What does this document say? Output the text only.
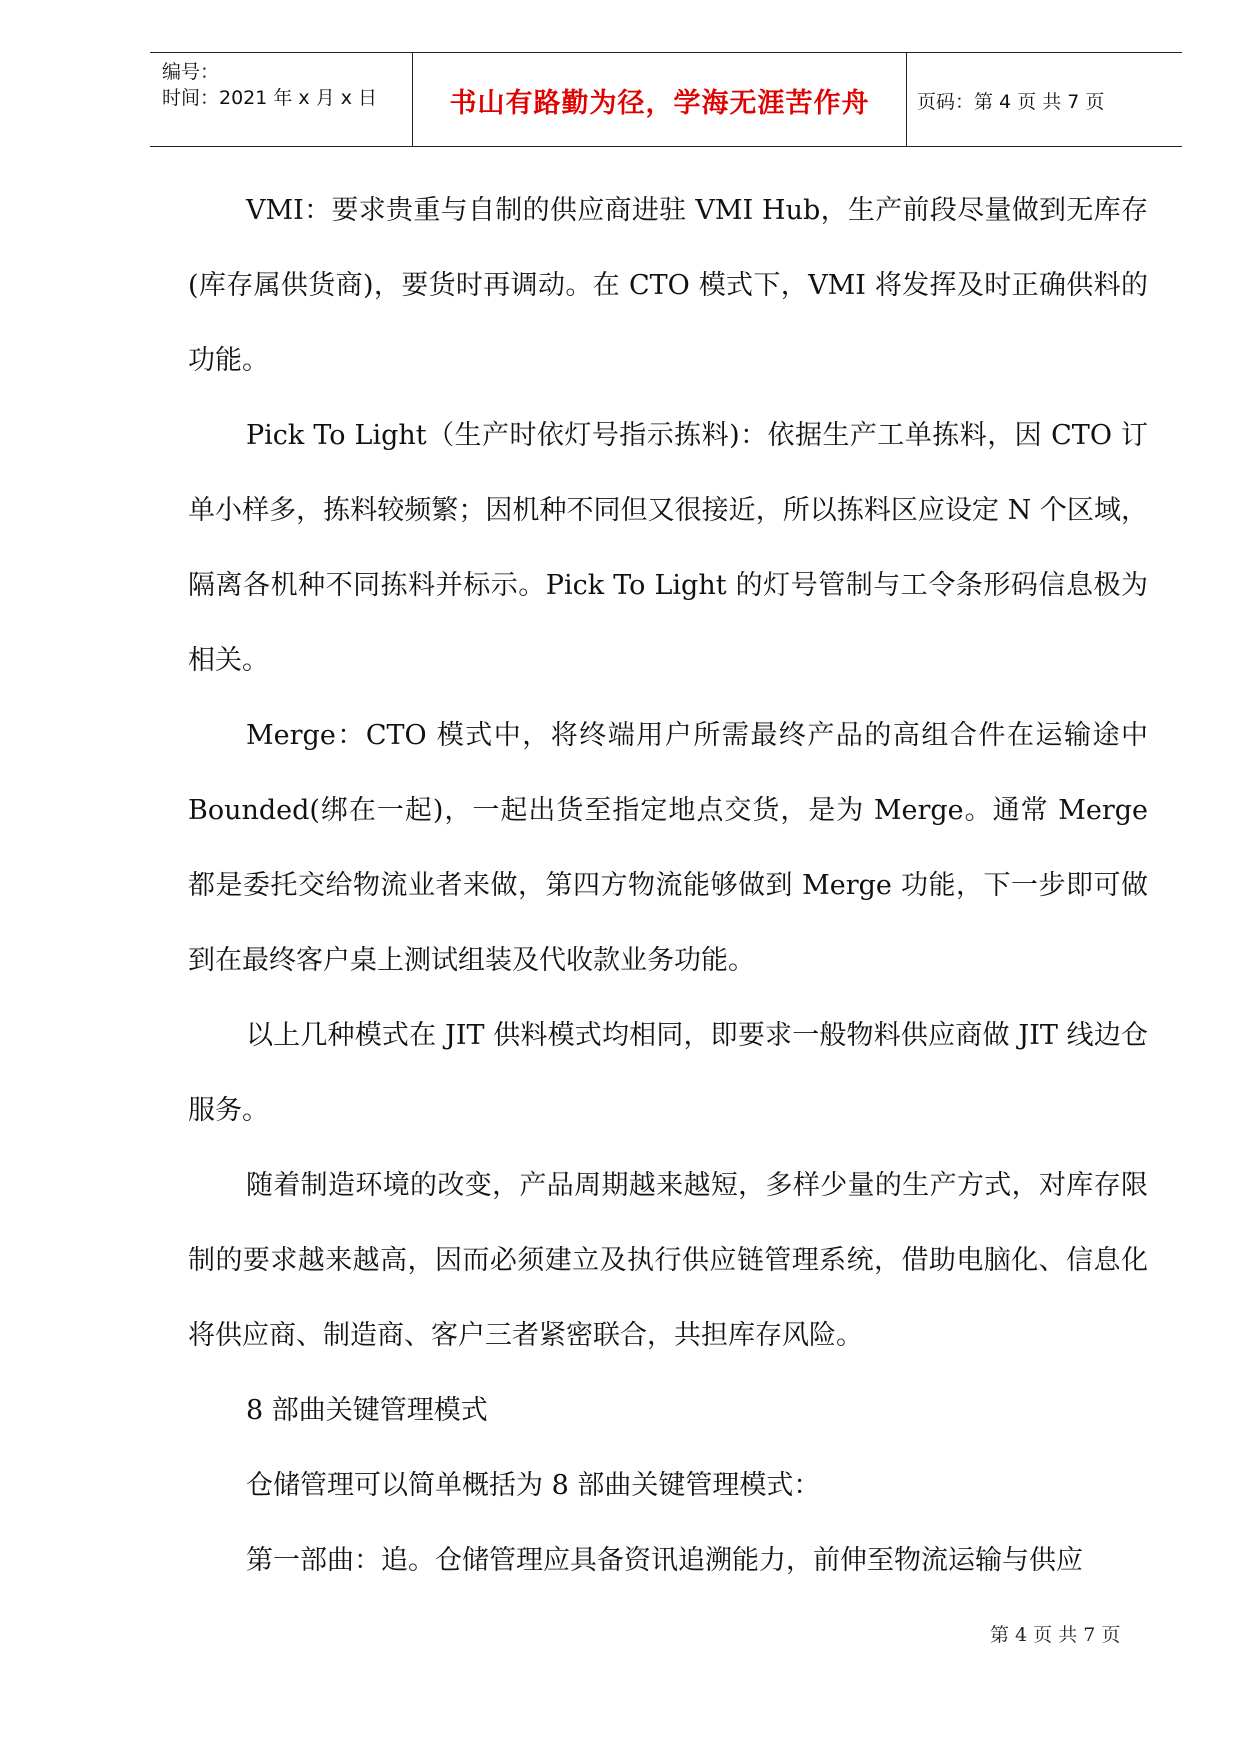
编号：
时间：2021 年 x 月 x 日	书山有路勤为径，学海无涯苦作舟	页码：第 4 页 共 7 页
VMI：要求贵重与自制的供应商进驻 VMI Hub，生产前段尽量做到无库存(库存属供货商)，要货时再调动。在 CTO 模式下，VMI 将发挥及时正确供料的功能。
Pick To Light（生产时依灯号指示拣料)：依据生产工单拣料，因 CTO 订单小样多，拣料较频繁；因机种不同但又很接近，所以拣料区应设定 N 个区域，隔离各机种不同拣料并标示。Pick To Light 的灯号管制与工令条形码信息极为相关。
Merge：CTO 模式中，将终端用户所需最终产品的高组合件在运输途中 Bounded(绑在一起)，一起出货至指定地点交货，是为 Merge。通常 Merge 都是委托交给物流业者来做，第四方物流能够做到 Merge 功能，下一步即可做到在最终客户桌上测试组装及代收款业务功能。
以上几种模式在 JIT 供料模式均相同，即要求一般物料供应商做 JIT 线边仓服务。
随着制造环境的改变，产品周期越来越短，多样少量的生产方式，对库存限制的要求越来越高，因而必须建立及执行供应链管理系统，借助电脑化、信息化将供应商、制造商、客户三者紧密联合，共担库存风险。
8 部曲关键管理模式
仓储管理可以简单概括为 8 部曲关键管理模式：
第一部曲：追。仓储管理应具备资讯追溯能力，前伸至物流运输与供应
第 4 页 共 7 页
